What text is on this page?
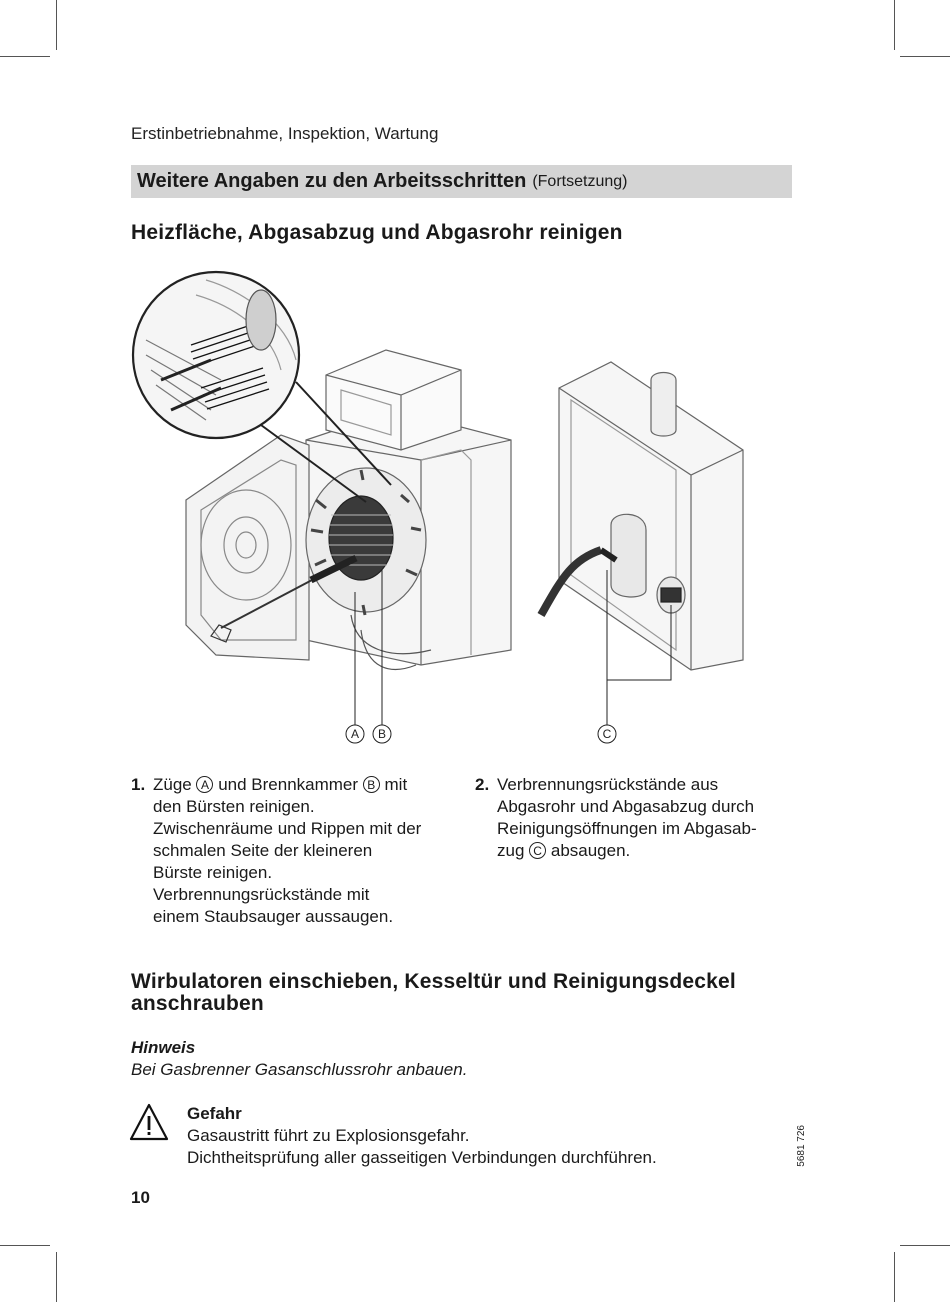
Erstinbetriebnahme, Inspektion, Wartung
Weitere Angaben zu den Arbeitsschritten (Fortsetzung)
Heizfläche, Abgasabzug und Abgasrohr reinigen
A B	C
1. Züge A und Brennkammer B mit
den Bürsten reinigen.
Zwischenräume und Rippen mit der
schmalen Seite der kleineren
Bürste reinigen.
Verbrennungsrückstände mit
einem Staubsauger aussaugen.
2. Verbrennungsrückstände aus
Abgasrohr und Abgasabzug durch
Reinigungsöffnungen im Abgasab-
zug C absaugen.
Wirbulatoren einschieben, Kesseltür und Reinigungsdeckel
anschrauben
Hinweis
Bei Gasbrenner Gasanschlussrohr anbauen.
Gefahr
Gasaustritt führt zu Explosionsgefahr.
Dichtheitsprüfung aller gasseitigen Verbindungen durchführen.	5681 726
10
